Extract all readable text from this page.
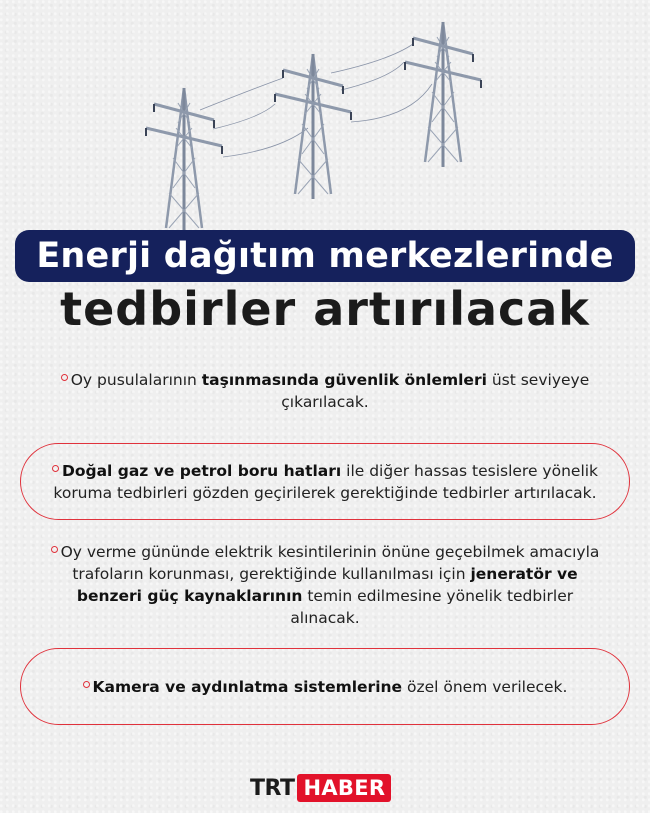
Enerji dağıtım merkezlerinde
tedbirler artırılacak

Oy pusulalarının taşınmasında güvenlik önlemleri üst seviyeye çıkarılacak.

Doğal gaz ve petrol boru hatları ile diğer hassas tesislere yönelik koruma tedbirleri gözden geçirilerek gerektiğinde tedbirler artırılacak.

Oy verme gününde elektrik kesintilerinin önüne geçebilmek amacıyla trafoların korunması, gerektiğinde kullanılması için jeneratör ve benzeri güç kaynaklarının temin edilmesine yönelik tedbirler alınacak.

Kamera ve aydınlatma sistemlerine özel önem verilecek.

TRT HABER
